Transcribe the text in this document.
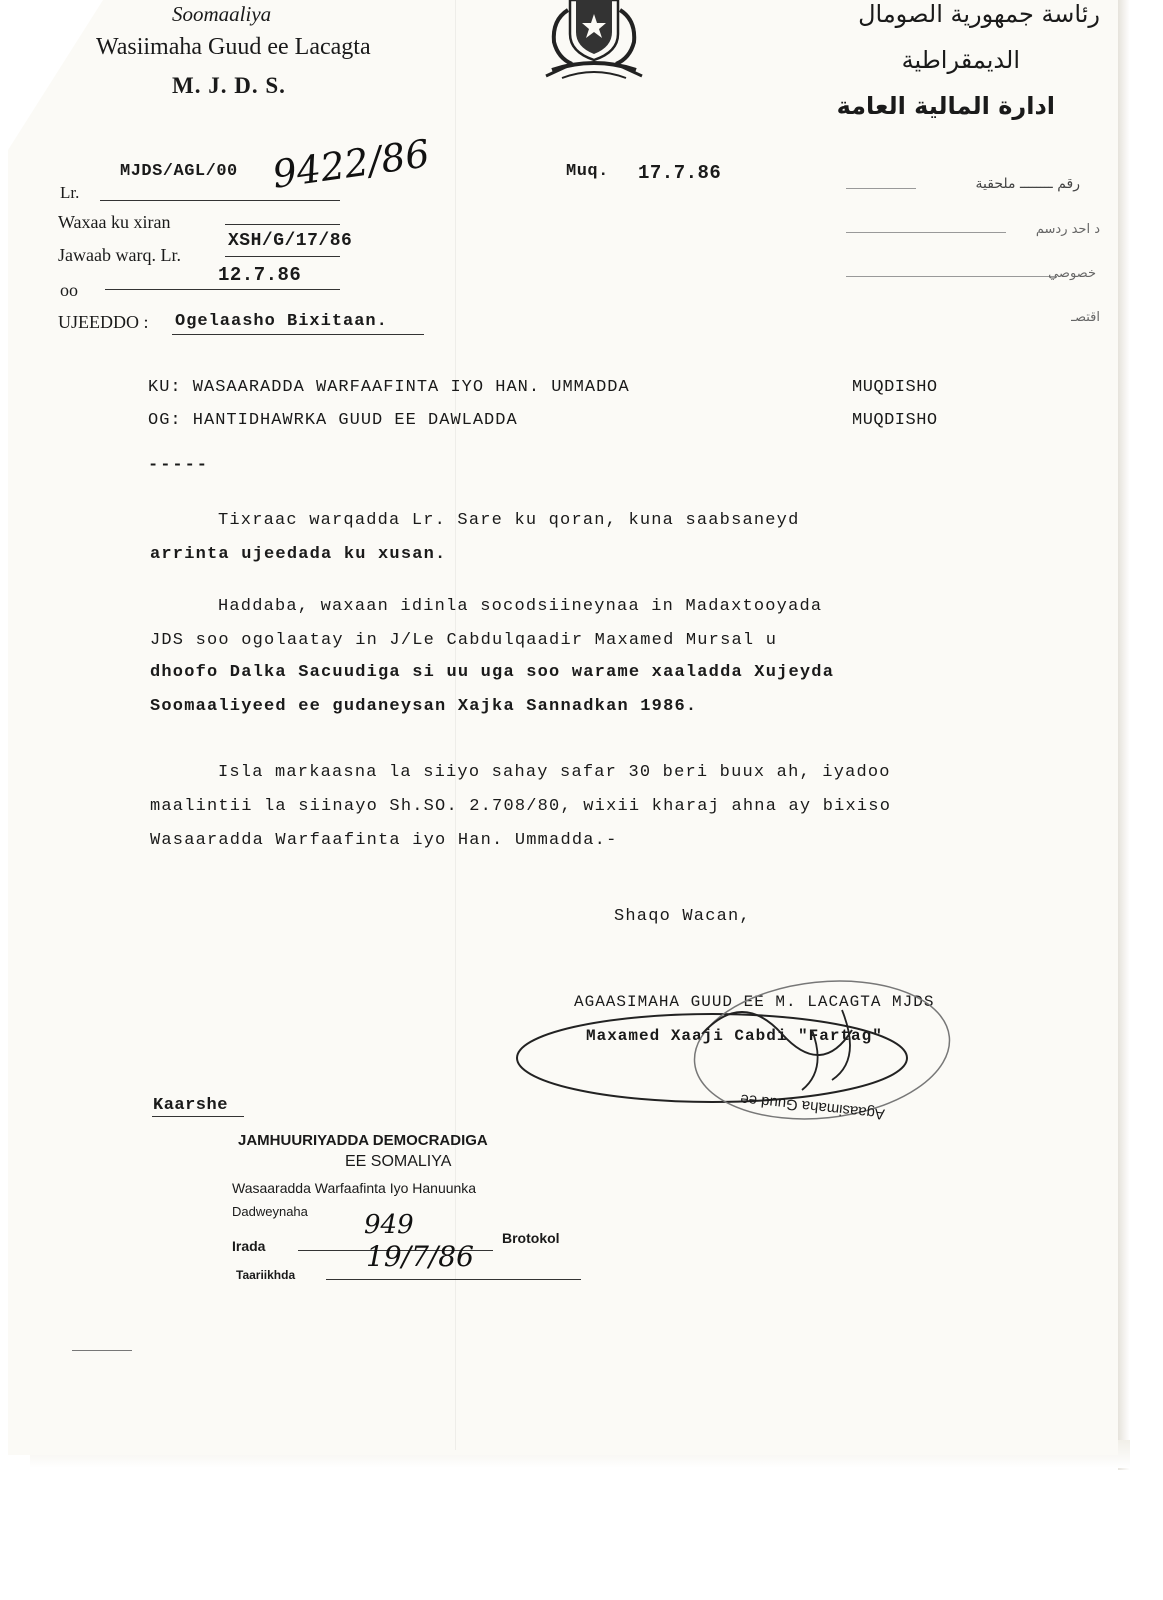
Soomaaliya
Wasiimaha Guud ee Lacagta
M. J. D. S.
رئاسة جمهورية الصومال
الديمقراطية
ادارة المالية العامة
Lr.
MJDS/AGL/00 9422/86	Muq. 17.7.86
Waxaa ku xiran
Jawaab warq. Lr.
XSH/G/17/86
oo
12.7.86
UJEEDDO : Ogelaasho Bixitaan.
رقم ــــــــ ملحقية
د احد ردسم
خصوصي
اقتصـ
KU: WASAARADDA WARFAAFINTA IYO HAN. UMMADDA	MUQDISHO
OG: HANTIDHAWRKA GUUD EE DAWLADDA	MUQDISHO
-----
Tixraac warqadda Lr. Sare ku qoran, kuna saabsaneyd
arrinta ujeedada ku xusan.
Haddaba, waxaan idinla socodsiineynaa in Madaxtooyada
JDS soo ogolaatay in J/Le Cabdulqaadir Maxamed Mursal u
dhoofo Dalka Sacuudiga si uu uga soo warame xaaladda Xujeyda
Soomaaliyeed ee gudaneysan Xajka Sannadkan 1986.
Isla markaasna la siiyo sahay safar 30 beri buux ah, iyadoo
maalintii la siinayo Sh.SO. 2.708/80, wixii kharaj ahna ay bixiso
Wasaaradda Warfaafinta iyo Han. Ummadda.-
Shaqo Wacan,
AGAASIMAHA GUUD EE M. LACAGTA MJDS
Maxamed Xaaji Cabdi "Fartag"
Agaasimaha Guud ee
Kaarshe
JAMHUURIYADDA DEMOCRADIGA
EE SOMALIYA
Wasaaradda Warfaafinta Iyo Hanuunka
Dadweynaha
Irada
949	Brotokol
Taariikhda
19/7/86
